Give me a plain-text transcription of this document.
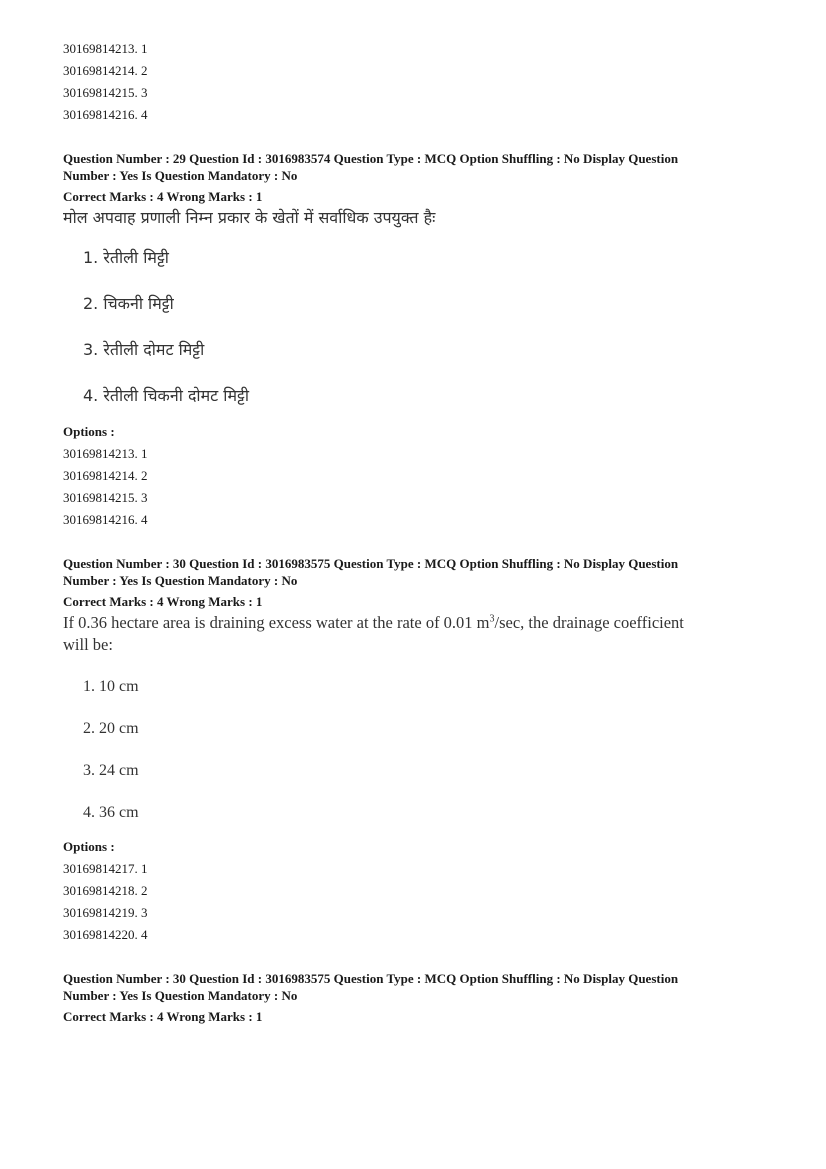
30169814213. 1
30169814214. 2
30169814215. 3
30169814216. 4
Question Number : 29 Question Id : 3016983574 Question Type : MCQ Option Shuffling : No Display Question
Number : Yes Is Question Mandatory : No
Correct Marks : 4 Wrong Marks : 1
मोल अपवाह प्रणाली निम्न प्रकार के खेतों में सर्वाधिक उपयुक्त हैः
1. रेतीली मिट्टी
2. चिकनी मिट्टी
3. रेतीली दोमट मिट्टी
4. रेतीली चिकनी दोमट मिट्टी
Options :
30169814213. 1
30169814214. 2
30169814215. 3
30169814216. 4
Question Number : 30 Question Id : 3016983575 Question Type : MCQ Option Shuffling : No Display Question
Number : Yes Is Question Mandatory : No
Correct Marks : 4 Wrong Marks : 1
If 0.36 hectare area is draining excess water at the rate of 0.01 $m^3/\sec$, the drainage coefficient
will be:
1. 10 cm
2. 20 cm
3. 24 cm
4. 36 cm
Options :
30169814217. 1
30169814218. 2
30169814219. 3
30169814220. 4
Question Number : 30 Question Id : 3016983575 Question Type : MCQ Option Shuffling : No Display Question
Number : Yes Is Question Mandatory : No
Correct Marks : 4 Wrong Marks : 1
